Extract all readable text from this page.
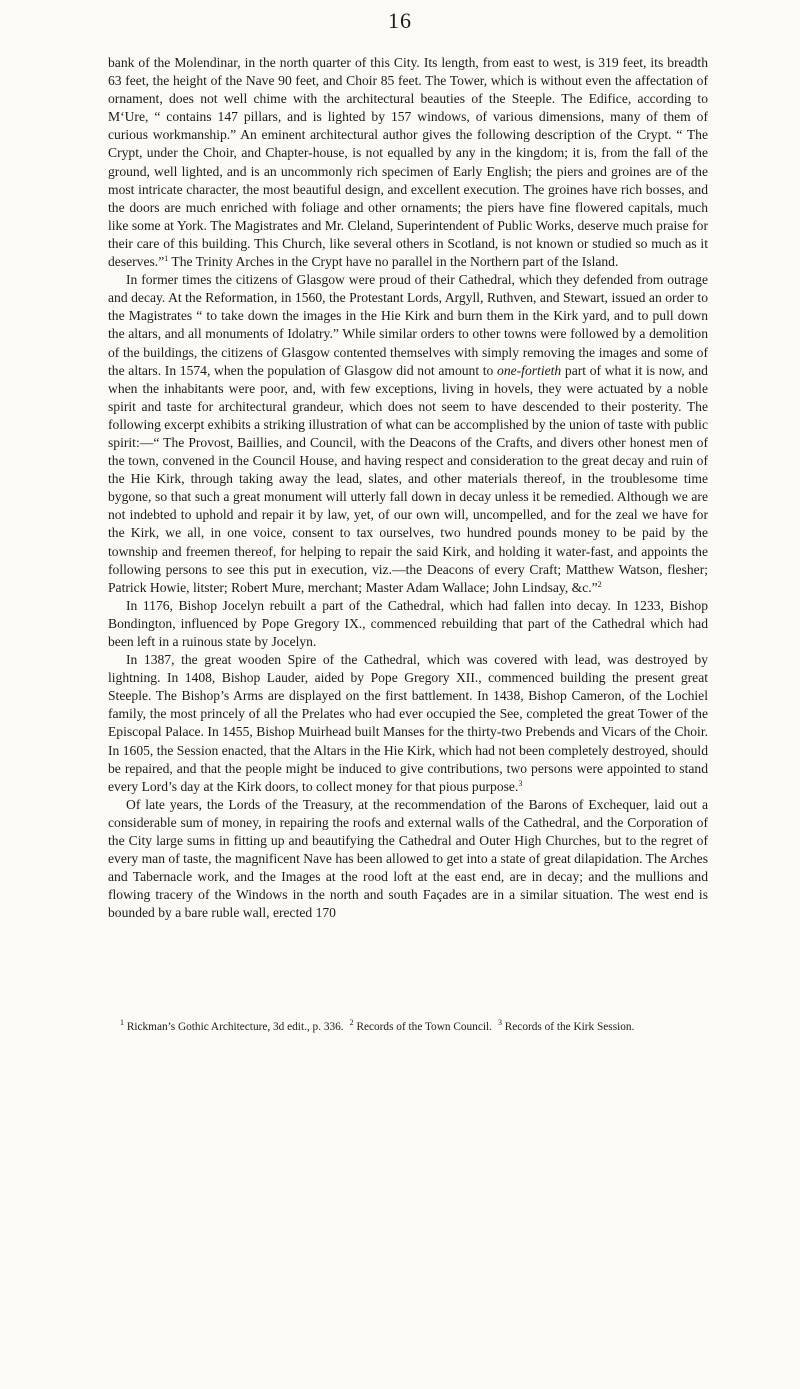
16

bank of the Molendinar, in the north quarter of this City. Its length, from east to west, is 319 feet, its breadth 63 feet, the height of the Nave 90 feet, and Choir 85 feet. The Tower, which is without even the affectation of ornament, does not well chime with the architectural beauties of the Steeple. The Edifice, according to M‘Ure, “ contains 147 pillars, and is lighted by 157 windows, of various dimensions, many of them of curious workmanship.” An eminent architectural author gives the following description of the Crypt. “ The Crypt, under the Choir, and Chapter-house, is not equalled by any in the kingdom; it is, from the fall of the ground, well lighted, and is an uncommonly rich specimen of Early English; the piers and groines are of the most intricate character, the most beautiful design, and excellent execution. The groines have rich bosses, and the doors are much enriched with foliage and other ornaments; the piers have fine flowered capitals, much like some at York. The Magistrates and Mr. Cleland, Superintendent of Public Works, deserve much praise for their care of this building. This Church, like several others in Scotland, is not known or studied so much as it deserves.”$^1$ The Trinity Arches in the Crypt have no parallel in the Northern part of the Island.

In former times the citizens of Glasgow were proud of their Cathedral, which they defended from outrage and decay. At the Reformation, in 1560, the Protestant Lords, Argyll, Ruthven, and Stewart, issued an order to the Magistrates “ to take down the images in the Hie Kirk and burn them in the Kirk yard, and to pull down the altars, and all monuments of Idolatry.” While similar orders to other towns were followed by a demolition of the buildings, the citizens of Glasgow contented themselves with simply removing the images and some of the altars. In 1574, when the population of Glasgow did not amount to one-fortieth part of what it is now, and when the inhabitants were poor, and, with few exceptions, living in hovels, they were actuated by a noble spirit and taste for architectural grandeur, which does not seem to have descended to their posterity. The following excerpt exhibits a striking illustration of what can be accomplished by the union of taste with public spirit:—“ The Provost, Baillies, and Council, with the Deacons of the Crafts, and divers other honest men of the town, convened in the Council House, and having respect and consideration to the great decay and ruin of the Hie Kirk, through taking away the lead, slates, and other materials thereof, in the troublesome time bygone, so that such a great monument will utterly fall down in decay unless it be remedied. Although we are not indebted to uphold and repair it by law, yet, of our own will, uncompelled, and for the zeal we have for the Kirk, we all, in one voice, consent to tax ourselves, two hundred pounds money to be paid by the township and freemen thereof, for helping to repair the said Kirk, and holding it water-fast, and appoints the following persons to see this put in execution, viz.—the Deacons of every Craft; Matthew Watson, flesher; Patrick Howie, litster; Robert Mure, merchant; Master Adam Wallace; John Lindsay, &c.”$^2$

In 1176, Bishop Jocelyn rebuilt a part of the Cathedral, which had fallen into decay. In 1233, Bishop Bondington, influenced by Pope Gregory IX., commenced rebuilding that part of the Cathedral which had been left in a ruinous state by Jocelyn.

In 1387, the great wooden Spire of the Cathedral, which was covered with lead, was destroyed by lightning. In 1408, Bishop Lauder, aided by Pope Gregory XII., commenced building the present great Steeple. The Bishop’s Arms are displayed on the first battlement. In 1438, Bishop Cameron, of the Lochiel family, the most princely of all the Prelates who had ever occupied the See, completed the great Tower of the Episcopal Palace. In 1455, Bishop Muirhead built Manses for the thirty-two Prebends and Vicars of the Choir. In 1605, the Session enacted, that the Altars in the Hie Kirk, which had not been completely destroyed, should be repaired, and that the people might be induced to give contributions, two persons were appointed to stand every Lord’s day at the Kirk doors, to collect money for that pious purpose.$^3$

Of late years, the Lords of the Treasury, at the recommendation of the Barons of Exchequer, laid out a considerable sum of money, in repairing the roofs and external walls of the Cathedral, and the Corporation of the City large sums in fitting up and beautifying the Cathedral and Outer High Churches, but to the regret of every man of taste, the magnificent Nave has been allowed to get into a state of great dilapidation. The Arches and Tabernacle work, and the Images at the rood loft at the east end, are in decay; and the mullions and flowing tracery of the Windows in the north and south Façades are in a similar situation. The west end is bounded by a bare ruble wall, erected 170

$^1$ Rickman’s Gothic Architecture, 3d edit., p. 336. $^2$ Records of the Town Council. $^3$ Records of the Kirk Session.
